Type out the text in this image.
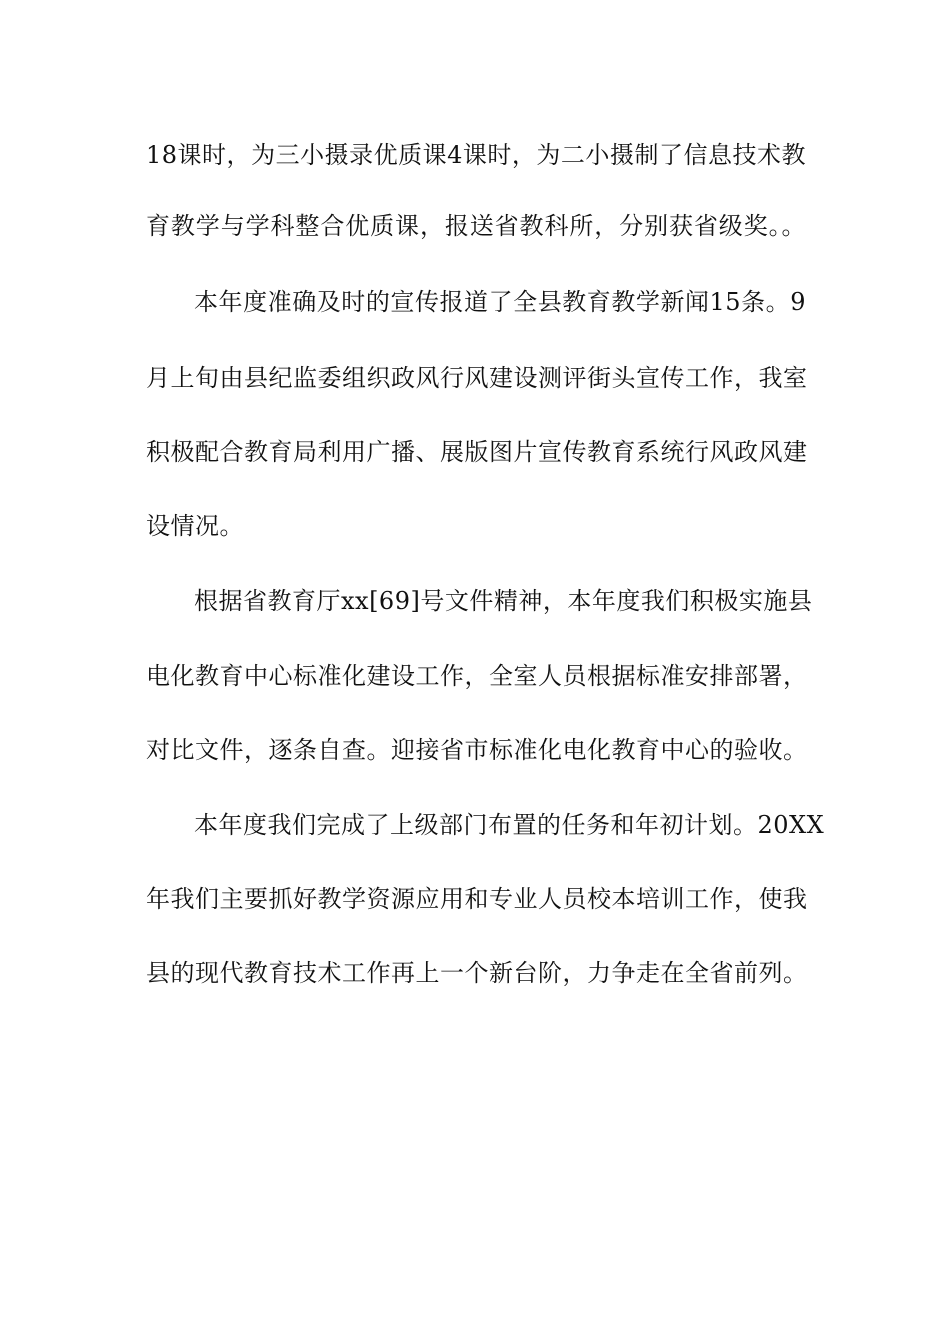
18课时，为三小摄录优质课4课时，为二小摄制了信息技术教
育教学与学科整合优质课，报送省教科所，分别获省级奖。。
本年度准确及时的宣传报道了全县教育教学新闻15条。9
月上旬由县纪监委组织政风行风建设测评街头宣传工作，我室
积极配合教育局利用广播、展版图片宣传教育系统行风政风建
设情况。
根据省教育厅xx[69]号文件精神，本年度我们积极实施县
电化教育中心标准化建设工作，全室人员根据标准安排部署，
对比文件，逐条自查。迎接省市标准化电化教育中心的验收。
本年度我们完成了上级部门布置的任务和年初计划。20XX
年我们主要抓好教学资源应用和专业人员校本培训工作，使我
县的现代教育技术工作再上一个新台阶，力争走在全省前列。
